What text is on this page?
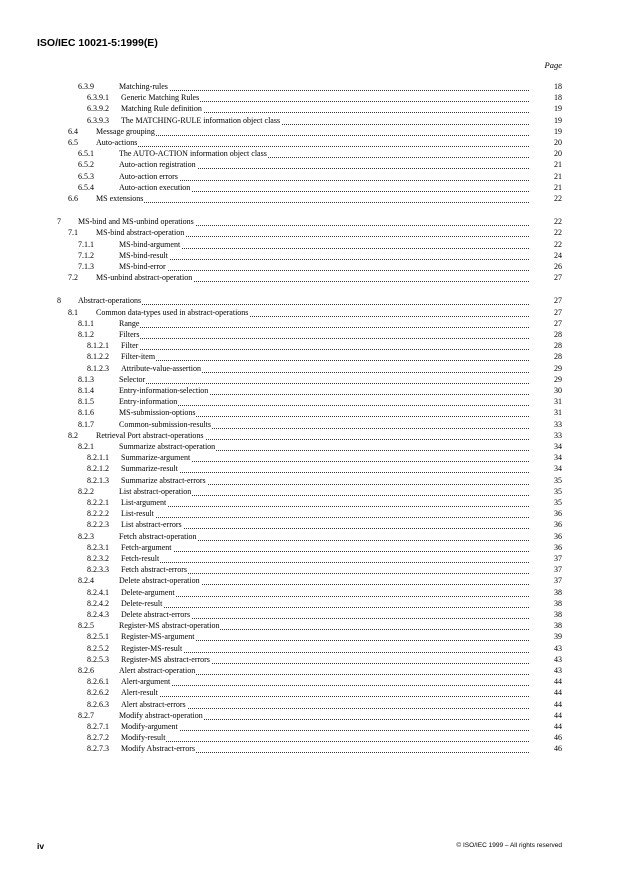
ISO/IEC 10021-5:1999(E)
Page
6.3.9	Matching-rules	18
6.3.9.1 Generic Matching Rules	18
6.3.9.2 Matching Rule definition	19
6.3.9.3 The MATCHING-RULE information object class	19
6.4 Message grouping	19
6.5 Auto-actions	20
6.5.1	The AUTO-ACTION information object class	20
6.5.2	Auto-action registration	21
6.5.3	Auto-action errors	21
6.5.4	Auto-action execution	21
6.6 MS extensions	22
7 MS-bind and MS-unbind operations	22
7.1 MS-bind abstract-operation	22
7.1.1	MS-bind-argument	22
7.1.2	MS-bind-result	24
7.1.3	MS-bind-error	26
7.2 MS-unbind abstract-operation	27
8 Abstract-operations	27
8.1 Common data-types used in abstract-operations	27
8.1.1	Range	27
8.1.2	Filters	28
8.1.2.1 Filter	28
8.1.2.2 Filter-item	28
8.1.2.3 Attribute-value-assertion	29
8.1.3	Selector	29
8.1.4	Entry-information-selection	30
8.1.5	Entry-information	31
8.1.6	MS-submission-options	31
8.1.7	Common-submission-results	33
8.2 Retrieval Port abstract-operations	33
8.2.1	Summarize abstract-operation	34
8.2.1.1 Summarize-argument	34
8.2.1.2 Summarize-result	34
8.2.1.3 Summarize abstract-errors	35
8.2.2	List abstract-operation	35
8.2.2.1 List-argument	35
8.2.2.2 List-result	36
8.2.2.3 List abstract-errors	36
8.2.3	Fetch abstract-operation	36
8.2.3.1 Fetch-argument	36
8.2.3.2 Fetch-result	37
8.2.3.3 Fetch abstract-errors	37
8.2.4	Delete abstract-operation	37
8.2.4.1 Delete-argument	38
8.2.4.2 Delete-result	38
8.2.4.3 Delete abstract-errors	38
8.2.5	Register-MS abstract-operation	38
8.2.5.1 Register-MS-argument	39
8.2.5.2 Register-MS-result	43
8.2.5.3 Register-MS abstract-errors	43
8.2.6	Alert abstract-operation	43
8.2.6.1 Alert-argument	44
8.2.6.2 Alert-result	44
8.2.6.3 Alert abstract-errors	44
8.2.7	Modify abstract-operation	44
8.2.7.1 Modify-argument	44
8.2.7.2 Modify-result	46
8.2.7.3 Modify Abstract-errors	46
iv	© ISO/IEC 1999 – All rights reserved
